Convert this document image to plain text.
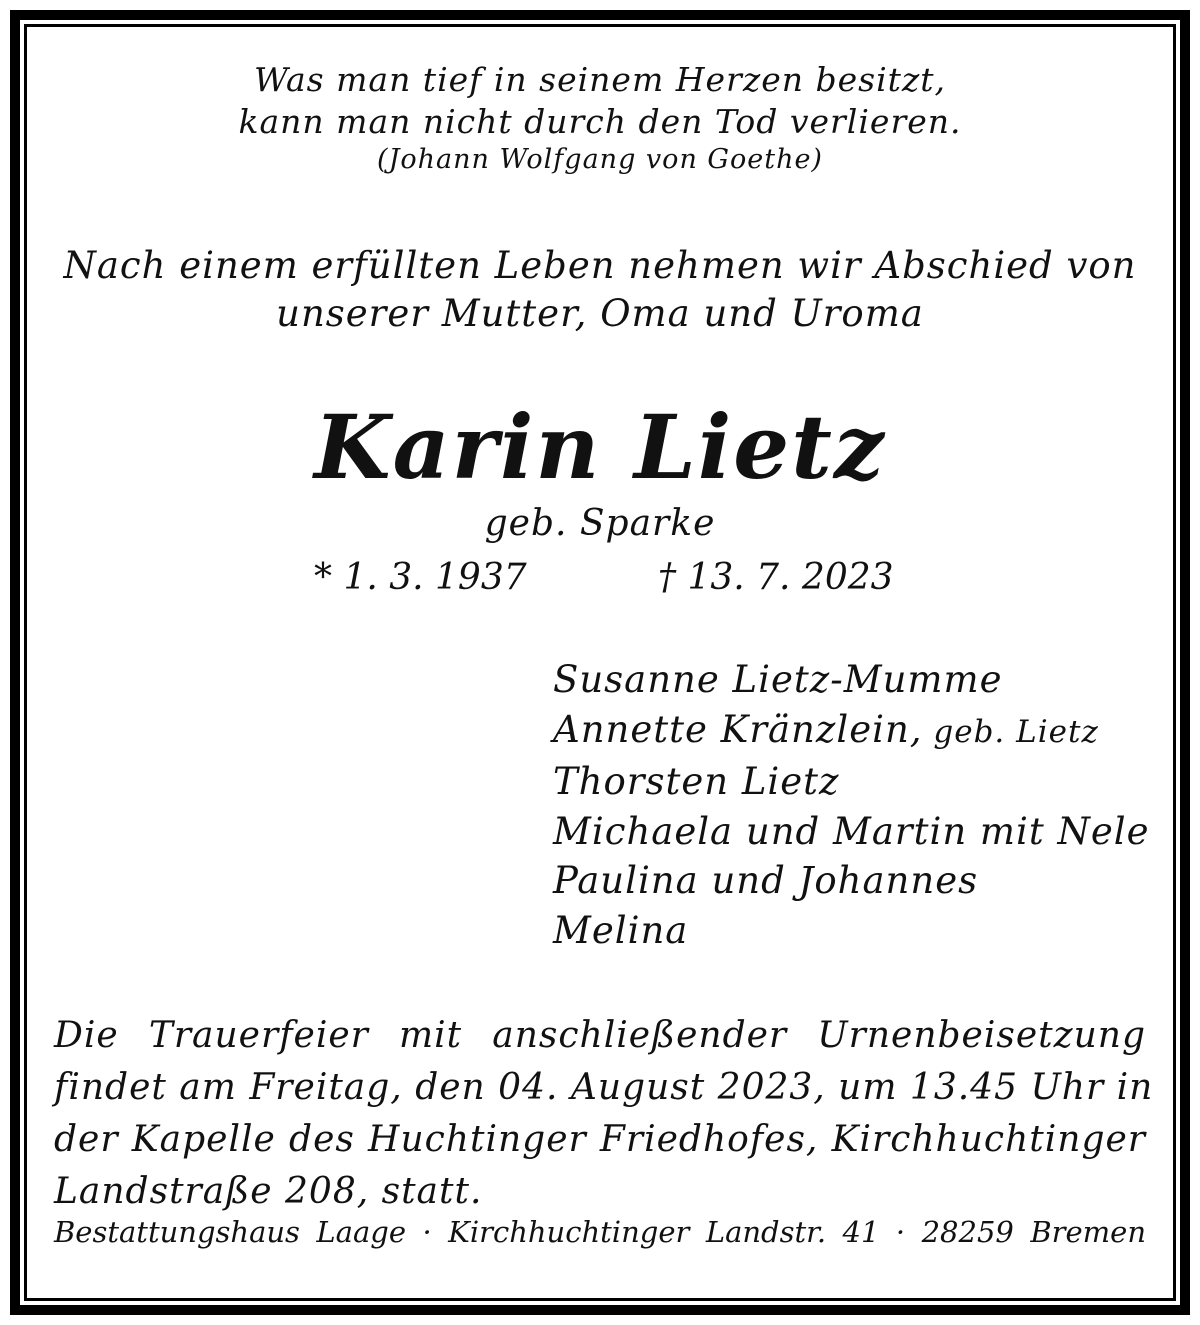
Was man tief in seinem Herzen besitzt,
kann man nicht durch den Tod verlieren.
(Johann Wolfgang von Goethe)
Nach einem erfüllten Leben nehmen wir Abschied von
unserer Mutter, Oma und Uroma
Karin Lietz
geb. Sparke
* 1. 3. 1937	† 13. 7. 2023
Susanne Lietz-Mumme
Annette Kränzlein, geb. Lietz
Thorsten Lietz
Michaela und Martin mit Nele
Paulina und Johannes
Melina
Die Trauerfeier mit anschließender Urnenbeisetzung
findet am Freitag, den 04. August 2023, um 13.45 Uhr in
der Kapelle des Huchtinger Friedhofes, Kirchhuchtinger
Landstraße 208, statt.
Bestattungshaus Laage · Kirchhuchtinger Landstr. 41 · 28259 Bremen
